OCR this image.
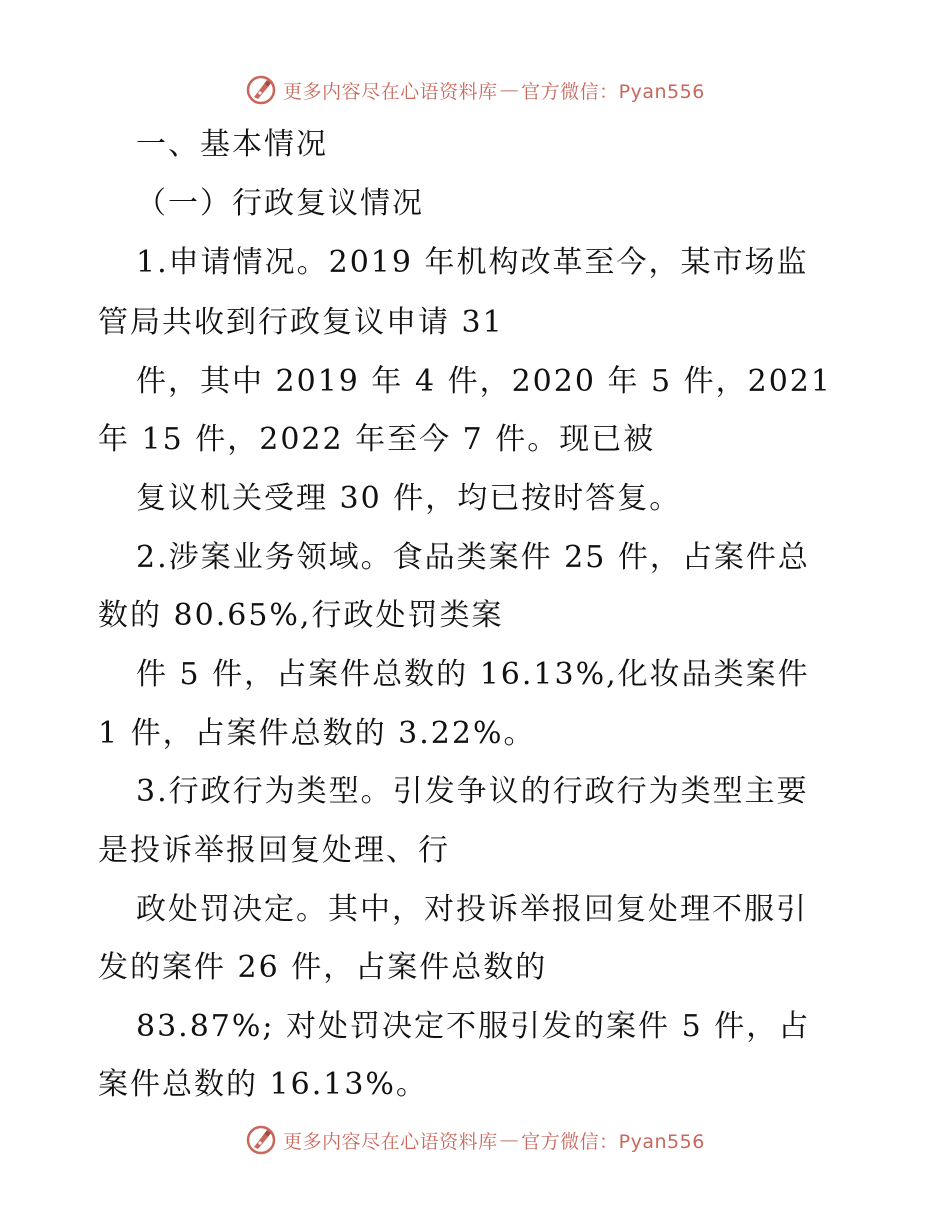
更多内容尽在心语资料库 — 官方微信：Pyan556
一、基本情况
（一）行政复议情况
1.申请情况。2019 年机构改革至今，某市场监
管局共收到行政复议申请 31
件，其中 2019 年 4 件，2020 年 5 件，2021
年 15 件，2022 年至今 7 件。现已被
复议机关受理 30 件，均已按时答复。
2.涉案业务领域。食品类案件 25 件，占案件总
数的 80.65%,行政处罚类案
件 5 件，占案件总数的 16.13%,化妆品类案件
1 件，占案件总数的 3.22%。
3.行政行为类型。引发争议的行政行为类型主要
是投诉举报回复处理、行
政处罚决定。其中，对投诉举报回复处理不服引
发的案件 26 件，占案件总数的
83.87%; 对处罚决定不服引发的案件 5 件，占
案件总数的 16.13%。
更多内容尽在心语资料库 — 官方微信：Pyan556
